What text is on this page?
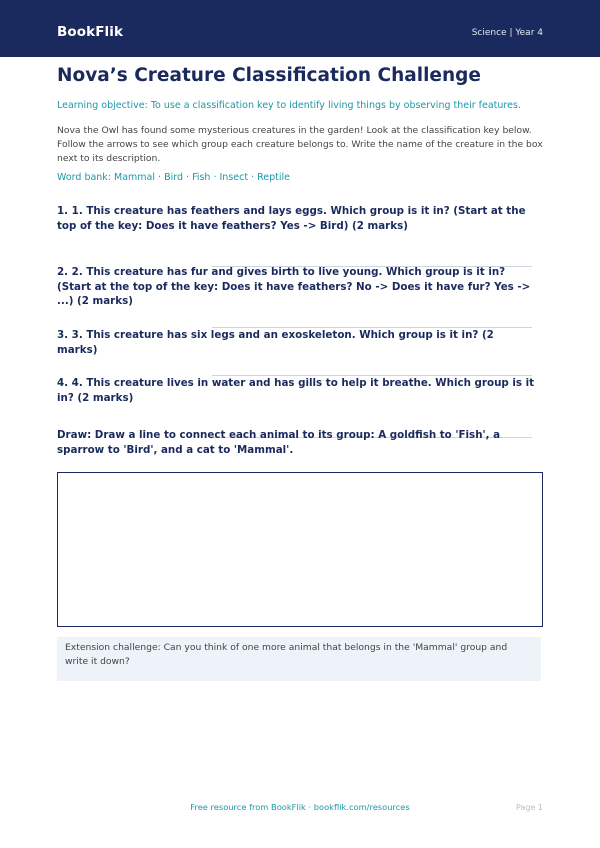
BookFlik	Science | Year 4
Nova’s Creature Classification Challenge
Learning objective: To use a classification key to identify living things by observing their features.
Nova the Owl has found some mysterious creatures in the garden! Look at the classification key below. Follow the arrows to see which group each creature belongs to. Write the name of the creature in the box next to its description.
Word bank: Mammal · Bird · Fish · Insect · Reptile

1. 1. This creature has feathers and lays eggs. Which group is it in? (Start at the top of the key: Does it have feathers? Yes -> Bird) (2 marks)

2. 2. This creature has fur and gives birth to live young. Which group is it in? (Start at the top of the key: Does it have feathers? No -> Does it have fur? Yes -> ...) (2 marks)

3. 3. This creature has six legs and an exoskeleton. Which group is it in? (2 marks)

4. 4. This creature lives in water and has gills to help it breathe. Which group is it in? (2 marks)

Draw: Draw a line to connect each animal to its group: A goldfish to 'Fish', a sparrow to 'Bird', and a cat to 'Mammal'.

Extension challenge: Can you think of one more animal that belongs in the 'Mammal' group and write it down?
Free resource from BookFlik · bookflik.com/resources	Page 1
